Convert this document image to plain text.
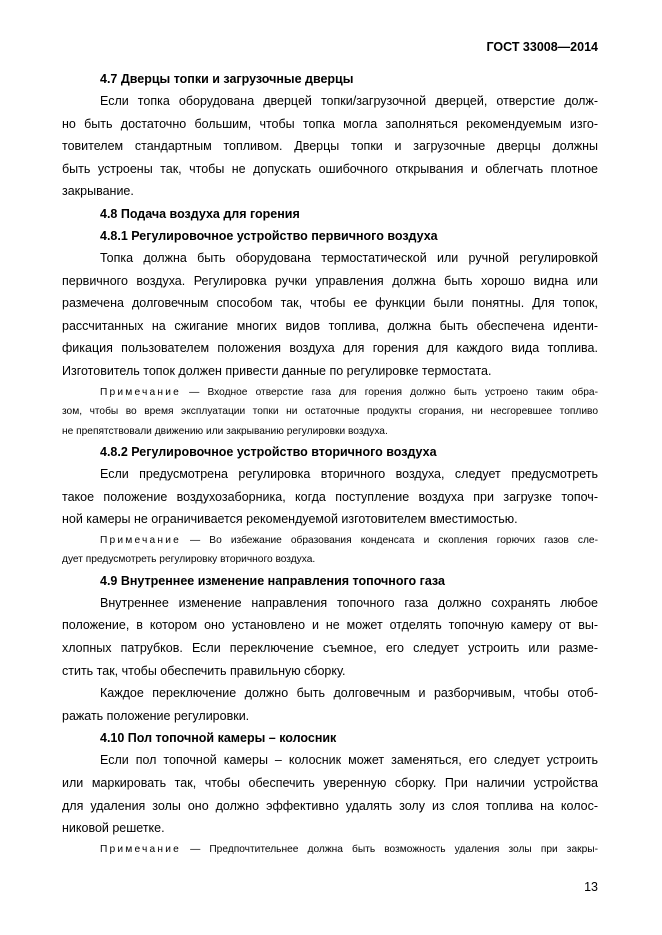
ГОСТ 33008—2014
4.7 Дверцы топки и загрузочные дверцы
Если топка оборудована дверцей топки/загрузочной дверцей, отверстие долж-
но быть достаточно большим, чтобы топка могла заполняться рекомендуемым изго-
товителем стандартным топливом. Дверцы топки и загрузочные дверцы должны
быть устроены так, чтобы не допускать ошибочного открывания и облегчать плотное
закрывание.
4.8 Подача воздуха для горения
4.8.1 Регулировочное устройство первичного воздуха
Топка должна быть оборудована термостатической или ручной регулировкой
первичного воздуха. Регулировка ручки управления должна быть хорошо видна или
размечена долговечным способом так, чтобы ее функции были понятны. Для топок,
рассчитанных на сжигание многих видов топлива, должна быть обеспечена иденти-
фикация пользователем положения воздуха для горения для каждого вида топлива.
Изготовитель топок должен привести данные по регулировке термостата.
Примечание — Входное отверстие газа для горения должно быть устроено таким обра-
зом, чтобы во время эксплуатации топки ни остаточные продукты сгорания, ни несгоревшее топливо
не препятствовали движению или закрыванию регулировки воздуха.
4.8.2 Регулировочное устройство вторичного воздуха
Если предусмотрена регулировка вторичного воздуха, следует предусмотреть
такое положение воздухозаборника, когда поступление воздуха при загрузке топоч-
ной камеры не ограничивается рекомендуемой изготовителем вместимостью.
Примечание — Во избежание образования конденсата и скопления горючих газов сле-
дует предусмотреть регулировку вторичного воздуха.
4.9 Внутреннее изменение направления топочного газа
Внутреннее изменение направления топочного газа должно сохранять любое
положение, в котором оно установлено и не может отделять топочную камеру от вы-
хлопных патрубков. Если переключение съемное, его следует устроить или разме-
стить так, чтобы обеспечить правильную сборку.
Каждое переключение должно быть долговечным и разборчивым, чтобы отоб-
ражать положение регулировки.
4.10 Пол топочной камеры – колосник
Если пол топочной камеры – колосник может заменяться, его следует устроить
или маркировать так, чтобы обеспечить уверенную сборку. При наличии устройства
для удаления золы оно должно эффективно удалять золу из слоя топлива на колос-
никовой решетке.
Примечание — Предпочтительнее должна быть возможность удаления золы при закры-
13
